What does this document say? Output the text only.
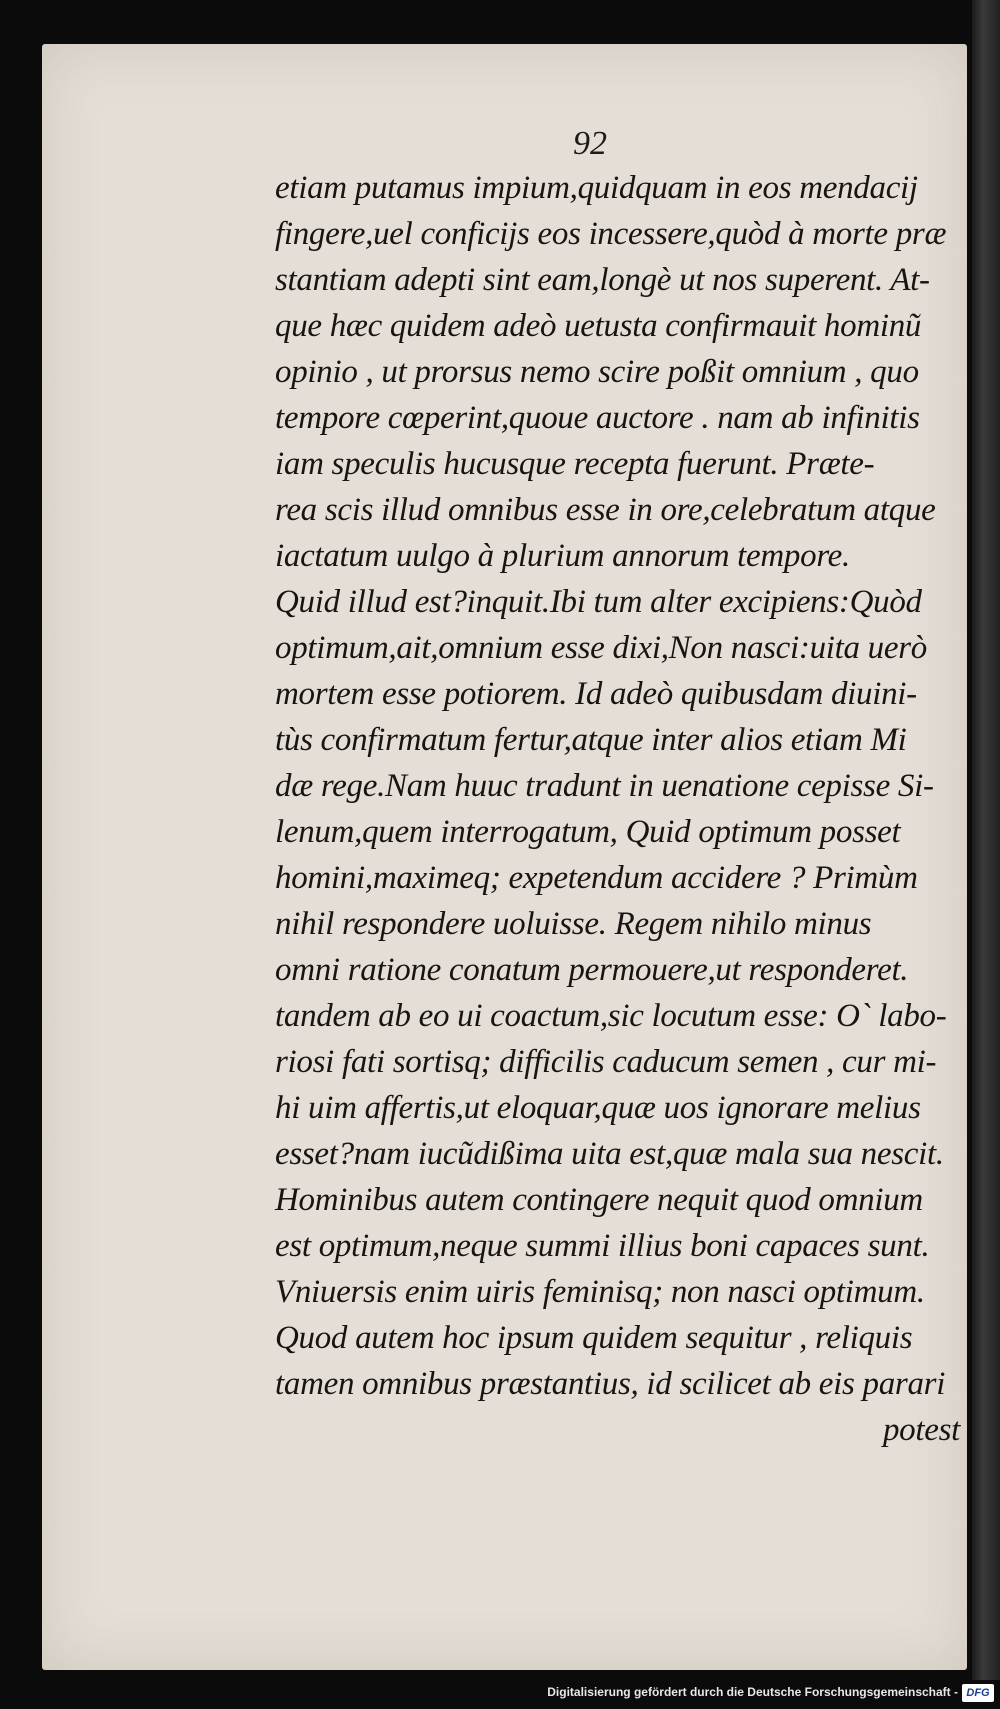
92
etiam putamus impium,quidquam in eos mendacij
fingere,uel conficijs eos incessere,quòd à morte præ
stantiam adepti sint eam,longè ut nos superent. At-
que hæc quidem adeò uetusta confirmauit hominũ
opinio , ut prorsus nemo scire poßit omnium , quo
tempore cœperint,quoue auctore . nam ab infinitis
iam speculis hucusque recepta fuerunt. Præte-
rea scis illud omnibus esse in ore,celebratum atque
iactatum uulgo à plurium annorum tempore.
Quid illud est?inquit.Ibi tum alter excipiens:Quòd
optimum,ait,omnium esse dixi,Non nasci:uita uerò
mortem esse potiorem. Id adeò quibusdam diuini-
tùs confirmatum fertur,atque inter alios etiam Mi
dæ rege.Nam huuc tradunt in uenatione cepisse Si-
lenum,quem interrogatum, Quid optimum posset
homini,maximeq; expetendum accidere ? Primùm
nihil respondere uoluisse. Regem nihilo minus
omni ratione conatum permouere,ut responderet.
tandem ab eo ui coactum,sic locutum esse: O` labo-
riosi fati sortisq; difficilis caducum semen , cur mi-
hi uim affertis,ut eloquar,quæ uos ignorare melius
esset?nam iucũdißima uita est,quæ mala sua nescit.
Hominibus autem contingere nequit quod omnium
est optimum,neque summi illius boni capaces sunt.
Vniuersis enim uiris feminisq; non nasci optimum.
Quod autem hoc ipsum quidem sequitur , reliquis
tamen omnibus præstantius, id scilicet ab eis parari
potest
Digitalisierung gefördert durch die Deutsche Forschungsgemeinschaft - DFG
